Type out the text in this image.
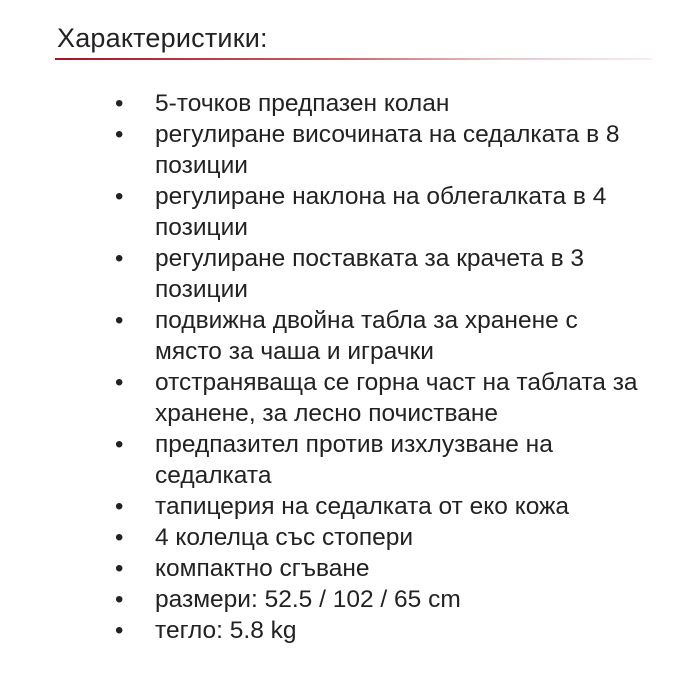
Характеристики:
• 5-точков предпазен колан
• регулиране височината на седалката в 8 позиции
• регулиране наклона на облегалката в 4 позиции
• регулиране поставката за крачета в 3 позиции
• подвижна двойна табла за хранене с място за чаша и играчки
• отстраняваща се горна част на таблата за хранене, за лесно почистване
• предпазител против изхлузване на седалката
• тапицерия на седалката от еко кожа
• 4 колелца със стопери
• компактно сгъване
• размери: 52.5 / 102 / 65 cm
• тегло: 5.8 kg
